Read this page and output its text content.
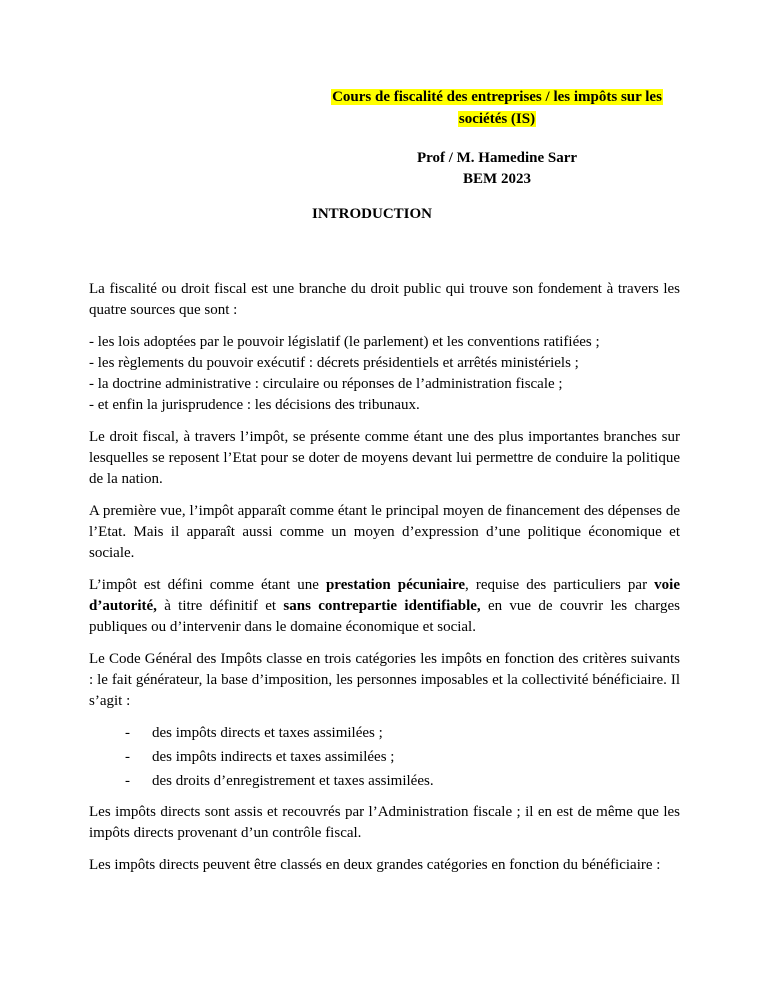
Cours de fiscalité des entreprises / les impôts sur les
sociétés (IS)
Prof / M. Hamedine Sarr
BEM 2023
INTRODUCTION

La fiscalité ou droit fiscal est une branche du droit public qui trouve son fondement à travers les quatre sources que sont :

- les lois adoptées par le pouvoir législatif (le parlement) et les conventions ratifiées ;
- les règlements du pouvoir exécutif : décrets présidentiels et arrêtés ministériels ;
- la doctrine administrative : circulaire ou réponses de l’administration fiscale ;
- et enfin la jurisprudence : les décisions des tribunaux.

Le droit fiscal, à travers l’impôt, se présente comme étant une des plus importantes branches sur lesquelles se reposent l’Etat pour se doter de moyens devant lui permettre de conduire la politique de la nation.

A première vue, l’impôt apparaît comme étant le principal moyen de financement des dépenses de l’Etat. Mais il apparaît aussi comme un moyen d’expression d’une politique économique et sociale.

L’impôt est défini comme étant une prestation pécuniaire, requise des particuliers par voie d’autorité, à titre définitif et sans contrepartie identifiable, en vue de couvrir les charges publiques ou d’intervenir dans le domaine économique et social.

Le Code Général des Impôts classe en trois catégories les impôts en fonction des critères suivants : le fait générateur, la base d’imposition, les personnes imposables et la collectivité bénéficiaire. Il s’agit :

-	des impôts directs et taxes assimilées ;
-	des impôts indirects et taxes assimilées ;
-	des droits d’enregistrement et taxes assimilées.

Les impôts directs sont assis et recouvrés par l’Administration fiscale ; il en est de même que les impôts directs provenant d’un contrôle fiscal.

Les impôts directs peuvent être classés en deux grandes catégories en fonction du bénéficiaire :
